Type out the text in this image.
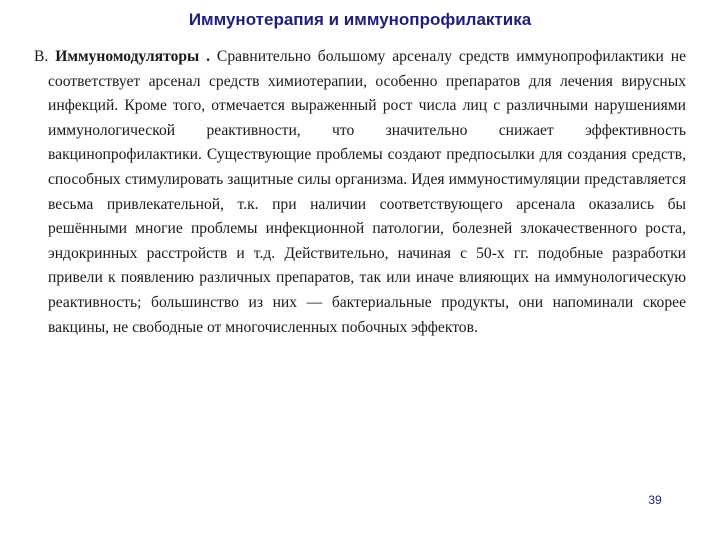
Иммунотерапия и иммунопрофилактика

В. Иммуномодуляторы . Сравнительно большому арсеналу средств иммунопрофилактики не соответствует арсенал средств химиотерапии, особенно препаратов для лечения вирусных инфекций. Кроме того, отмечается выраженный рост числа лиц с различными нарушениями иммунологической реактивности, что значительно снижает эффективность вакцинопрофилактики. Существующие проблемы создают предпосылки для создания средств, способных стимулировать защитные силы организма. Идея иммуностимуляции представляется весьма привлекательной, т.к. при наличии соответствующего арсенала оказались бы решёнными многие проблемы инфекционной патологии, болезней злокачественного роста, эндокринных расстройств и т.д. Действительно, начиная с 50-х гг. подобные разработки привели к появлению различных препаратов, так или иначе влияющих на иммунологическую реактивность; большинство из них — бактериальные продукты, они напоминали скорее вакцины, не свободные от многочисленных побочных эффектов.

39
